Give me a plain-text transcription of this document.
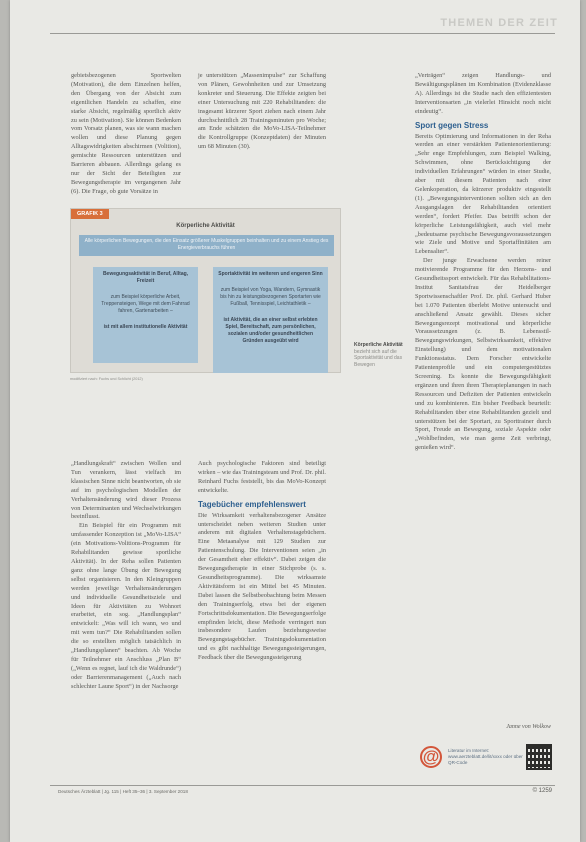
THEMEN DER ZEIT

gebietsbezogenen Sportwelten (Motivation), die dem Einzelnen helfen, den Übergang von der Absicht zum eigentlichen Handeln zu schaffen, eine starke Absicht, regelmäßig sportlich aktiv zu sein (Motivation). Sie können Bedenken vom Vorsatz planen, was sie wann machen wollen und diese Planung gegen Alltagswidrigkeiten abschirmen (Volition), gemischte Ressourcen unterstützen und Barrieren abbauen. Allerdings gelang es nur der Sicht der Beteiligten zur Bewegungstherapie im vergangenen Jahr (6). Die Frage, ob gute Vorsätze in

je unterstützen „Massenimpulse“ zur Schaffung von Plänen, Gewohnheiten und zur Umsetzung konkreter und Steuerung. Die Effekte zeigten bei einer Untersuchung mit 220 Rehabilitanden: die insgesamt kürzerer Sport ziehen nach einem Jahr durchschnittlich 28 Trainingsminuten pro Woche; am Ende schätzten die MoVo-LISA-Teilnehmer die Kontrollgruppe (Konzeptdaten) der Minuten um 68 Minuten (30).

GRAFIK 3
Körperliche Aktivität
Alle körperlichen Bewegungen, die den Einsatz größerer Muskelgruppen beinhalten und zu einem Anstieg des Energieverbrauchs führen
Bewegungsaktivität in Beruf, Alltag, Freizeit
zum Beispiel körperliche Arbeit, Treppensteigen, Wege mit dem Fahrrad fahren, Gartenarbeiten –
ist mit allem institutionelle Aktivität
Sportaktivität im weiteren und engeren Sinn
zum Beispiel von Yoga, Wandern, Gymnastik bis hin zu leistungsbezogenen Sportarten wie Fußball, Tennisspiel, Leichtathletik –
ist Aktivität, die an einer selbst erlebten Spiel, Bereitschaft, zum persönlichen, sozialen und/oder gesundheitlichen Gründen ausgeübt wird
modifiziert nach: Fuchs und Schlicht (2012)
Körperliche Aktivität bezieht sich auf die Sportaktivität und das Bewegen

„Handlungskraft“ zwischen Wollen und Tun verankern, lässt vielfach im klassischen Sinne nicht beantworten, ob sie auf im psychologischen Modellen der Verhaltensänderung wird dieser Prozess von Determinanten und Wechselwirkungen beeinflusst.

Ein Beispiel für ein Programm mit umfassender Konzeption ist „MoVo-LISA“ (ein Motivations-Volitions-Programm für Rehabilitanden gewisse sportliche Aktivität). In der Reha sollen Patienten ganz ohne lange Übung der Bewegung selbst organisieren. In den Kleingruppen werden jeweilige Verhaltensänderungen und individuelle Gesundheitsziele und Ideen für Aktivitäten zu Wohnort erarbeitet, ein sog. „Handlungsplan“ entwickelt: „Was will ich wann, wo und mit wem tun?“ Die Rehabilitanden sollen die so erstellten möglich tatsächlich in „Handlungsplanen“ beachten. Ab Woche für Teilnehmer ein Anschluss „Plan B“ („Wenn es regnet, lauf ich die Waldrunde“) oder Barrierenmanagement („Auch nach schlechter Laune Sport“) in der Nachsorge

Auch psychologische Faktoren sind beteiligt wirken – wie das Trainingsteam und Prof. Dr. phil. Reinhard Fuchs feststellt, bis das MoVo-Konzept entwickelte.

Tagebücher empfehlenswert

Die Wirksamkeit verhaltensbezogener Ansätze unterscheidet neben weiteren Studien unter anderem mit digitalen Verhaltenstagebüchern. Eine Metaanalyse mit 129 Studien zur Patientenschulung. Die Interventionen seien „in der Gesamtheit eher effektiv“. Dabei zeigen die Bewegungstherapie in einer Stichprobe (s. s. Gesundheitsprogramme). Die wirksamste Aktivitätsform ist ein Mittel bei 45 Minuten. Dabei lassen die Selbstbeobachtung beim Messen den Trainingserfolg, etwa bei der eigenen Fortschrittsdokumentation. Die Bewegungserfolge empfinden leicht, diese Methode verringert nun insbesondere Laufen beziehungsweise Bewegungstagebücher. Trainingsdokumentation und es gibt nachhaltige Bewegungssteigerungen, Feedback über die Bewegungssteigerung

„Verträgen“ zeigen Handlungs- und Bewältigungsplänen im Kombination (Evidenzklasse A). Allerdings ist die Studie nach den effizientesten Interventionsarten „in vielerlei Hinsicht noch nicht eindeutig“.

Sport gegen Stress

Bereits Optimierung und Informationen in der Reha werden an einer verstärkten Patientenorientierung: „Sehr enge Empfehlungen, zum Beispiel Walking, Schwimmen, ohne Berücksichtigung der individuellen Erfahrungen“ würden in einer Studie, aber mit diesem Patienten nach einer Gelenkoperation, da kürzerer produktiv eingestellt (1). „Bewegungsinterventionen sollten sich an den Ausgangslagen der Rehabilitanden orientiert werden“, fordert Pfeifer. Das betrifft schon der körperliche Leistungsfähigkeit, auch viel mehr „bedeutsame psychische Bewegungsvoraussetzungen wie Ziele und Motive und Sportaffinitäten am Lebensalter“.

Der junge Erwachsene werden reiner motivierende Programme für den Herzens- und Gesundheitssport entwickelt. Für das Rehabilitations-Institut Sanitatsfrau der Heidelberger Sportwissenschaftler Prof. Dr. phil. Gerhard Huber bei 1.070 Patienten überlebt Motive untersucht und anschließend Ansatz gewählt. Dieses sicher Bewegungsrezept motivational und körperliche Voraussetzungen (z. B. Lebensstil-Bewegungswirkungen, Selbstwirksamkeit, effektive Einstellung) und dem motivationalen Funktionsstatus. Dem Forscher entwickelte Patientenprofile und ein computergestütztes Screening. Es konnte die Bewegungsfähigkeit ergänzen und ihren ihren Therapieplanungen in nach Ressourcen und Defiziten der Patienten entwickeln und zu kombinieren. Ein bisher Feedback beurteilt: Rehabilitanden über eine Rehabilitanden gezielt und unterstützen bei der Sportart, zu Sporttrainer durch Sport, Freude an Bewegung, soziale Aspekte oder „Wohlbefinden, wie man gerne Zeit verbringt, genießen wird“.

Janne von Wolkow
@	Literatur im Internet: www.aerzteblatt.de/lit/xxxx oder über QR-Code
Deutsches Ärzteblatt | Jg. 115 | Heft 35–36 | 3. September 2018	© 1259
